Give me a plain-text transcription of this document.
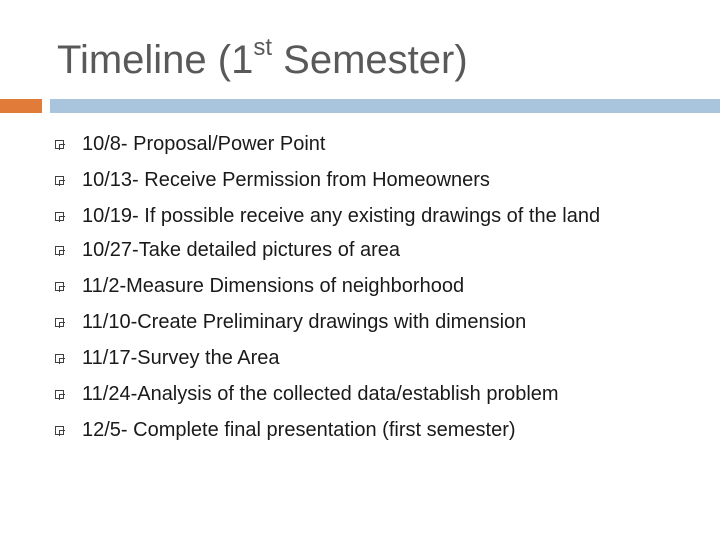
Timeline (1st Semester)
10/8- Proposal/Power Point
10/13- Receive Permission from Homeowners
10/19- If possible receive any existing drawings of the land
10/27-Take detailed pictures of area
11/2-Measure Dimensions of neighborhood
11/10-Create Preliminary drawings with dimension
11/17-Survey the Area
11/24-Analysis of the collected data/establish problem
12/5- Complete final presentation (first semester)
